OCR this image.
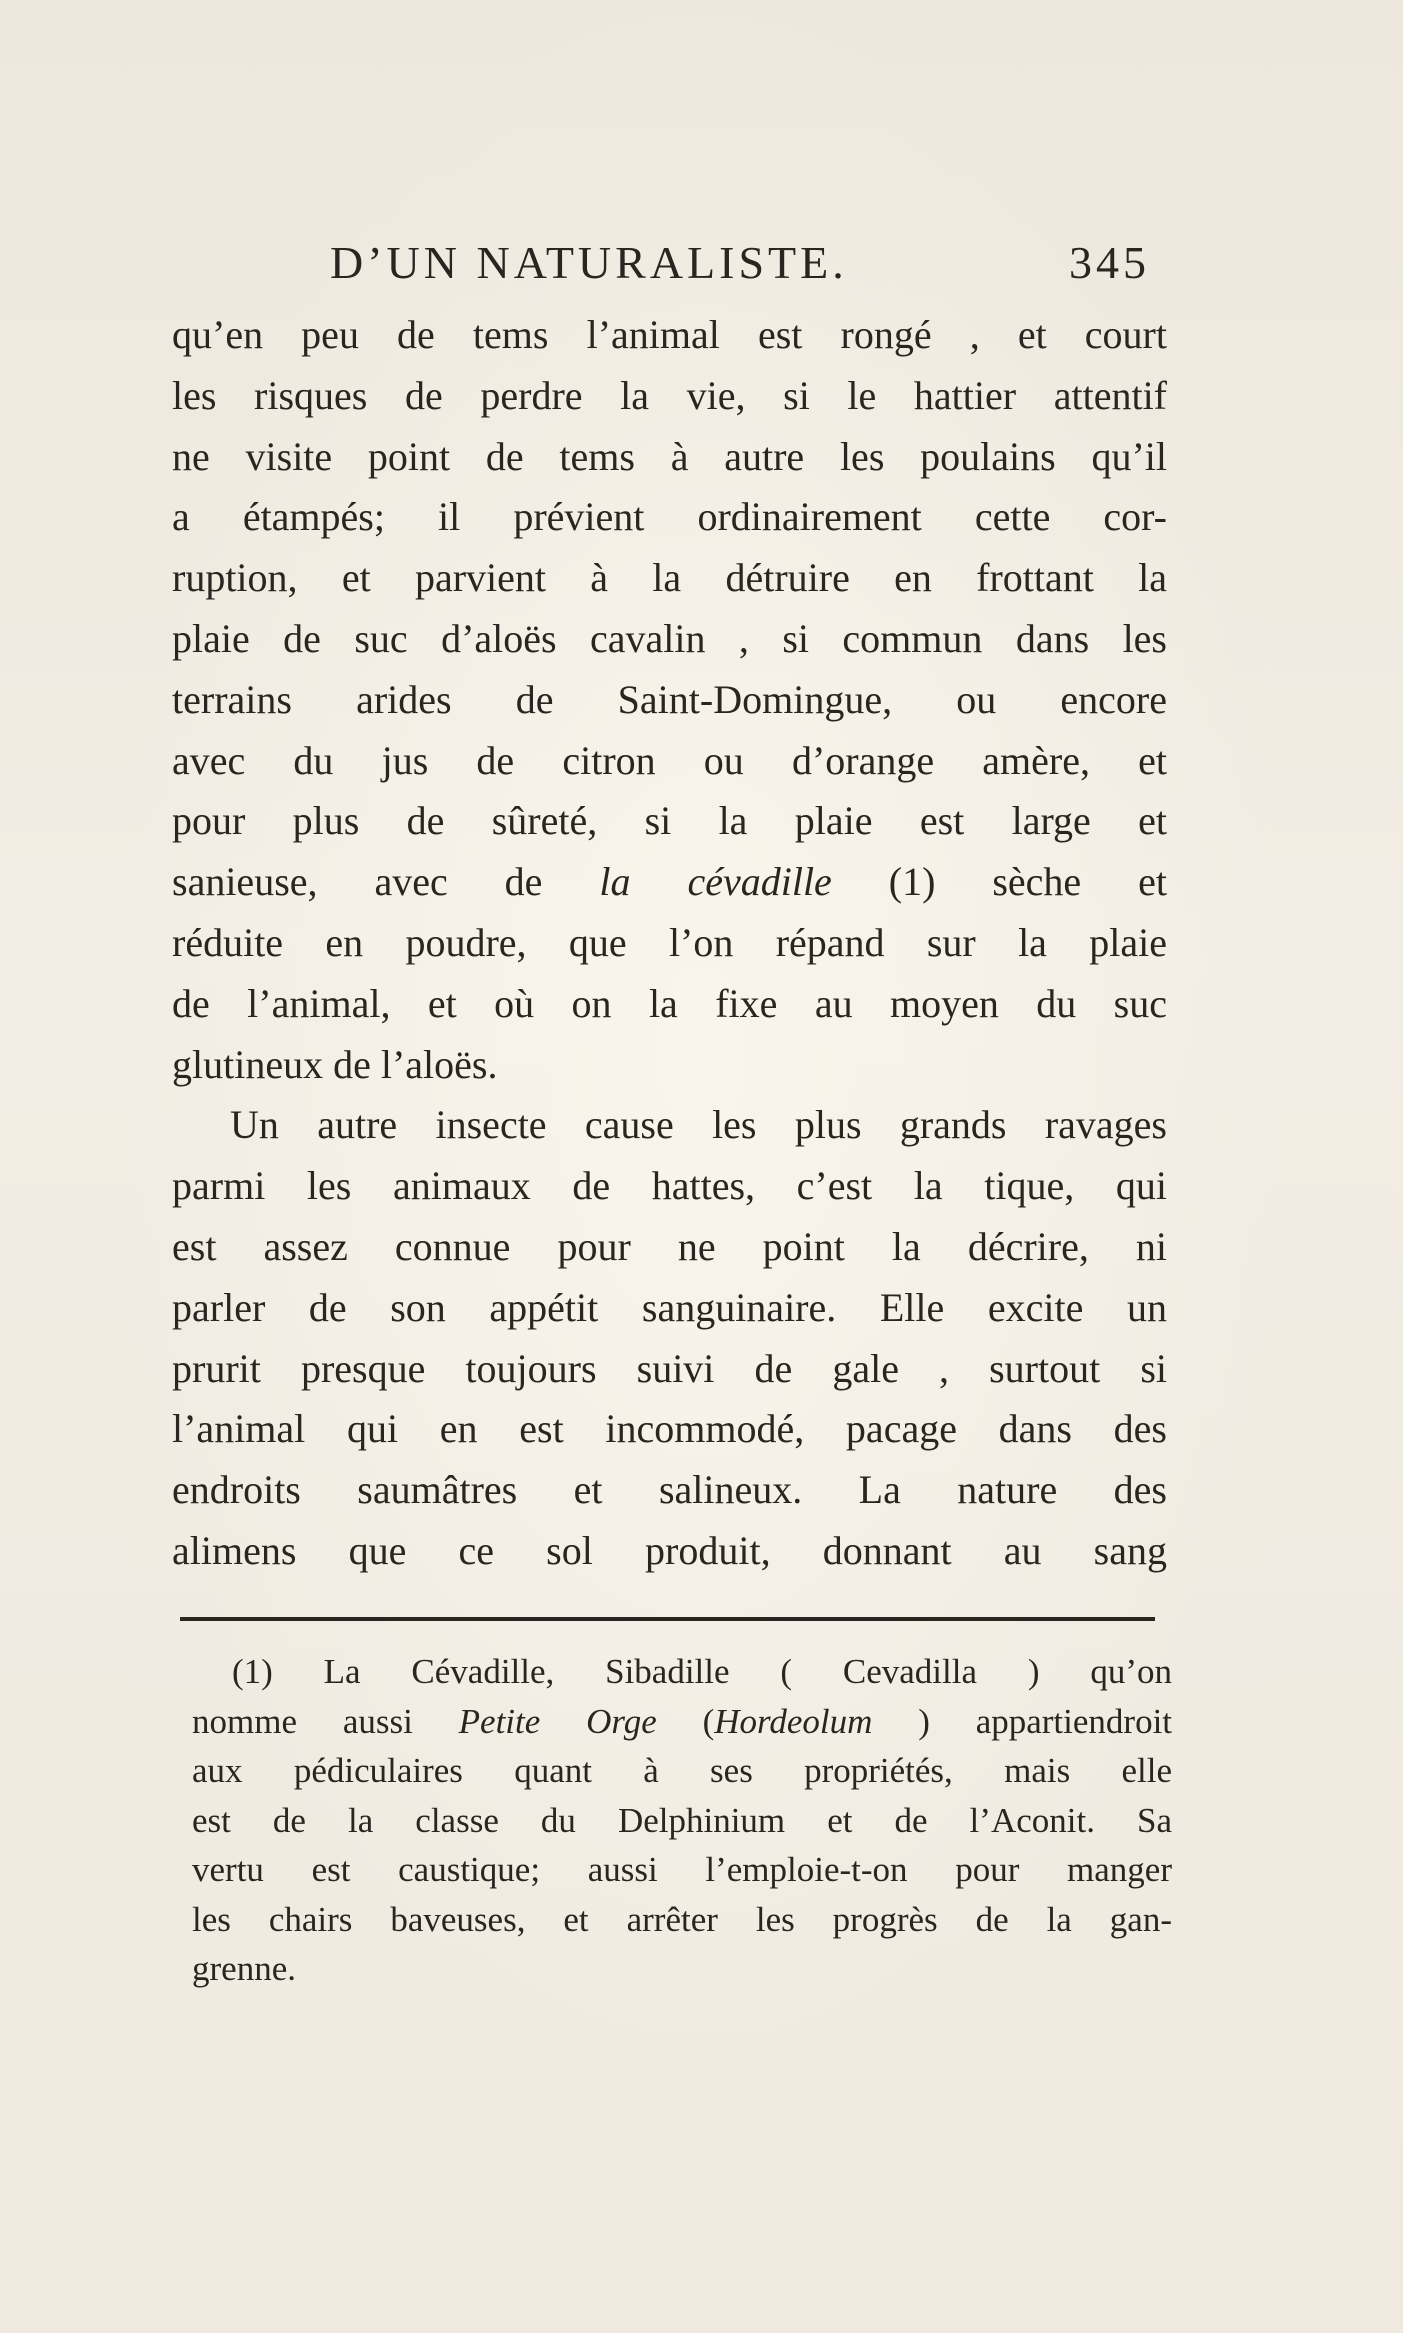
D’UN NATURALISTE.	345
qu’en peu de tems l’animal est rongé , et court
les risques de perdre la vie, si le hattier attentif
ne visite point de tems à autre les poulains qu’il
a étampés; il prévient ordinairement cette cor-
ruption, et parvient à la détruire en frottant la
plaie de suc d’aloës cavalin , si commun dans les
terrains arides de Saint-Domingue, ou encore
avec du jus de citron ou d’orange amère, et
pour plus de sûreté, si la plaie est large et
sanieuse, avec de la cévadille (1) sèche et
réduite en poudre, que l’on répand sur la plaie
de l’animal, et où on la fixe au moyen du suc
glutineux de l’aloës.
Un autre insecte cause les plus grands ravages
parmi les animaux de hattes, c’est la tique, qui
est assez connue pour ne point la décrire, ni
parler de son appétit sanguinaire. Elle excite un
prurit presque toujours suivi de gale , surtout si
l’animal qui en est incommodé, pacage dans des
endroits saumâtres et salineux. La nature des
alimens que ce sol produit, donnant au sang
(1) La Cévadille, Sibadille ( Cevadilla ) qu’on
nomme aussi Petite Orge (Hordeolum ) appartiendroit
aux pédiculaires quant à ses propriétés, mais elle
est de la classe du Delphinium et de l’Aconit. Sa
vertu est caustique; aussi l’emploie-t-on pour manger
les chairs baveuses, et arrêter les progrès de la gan-
grenne.
